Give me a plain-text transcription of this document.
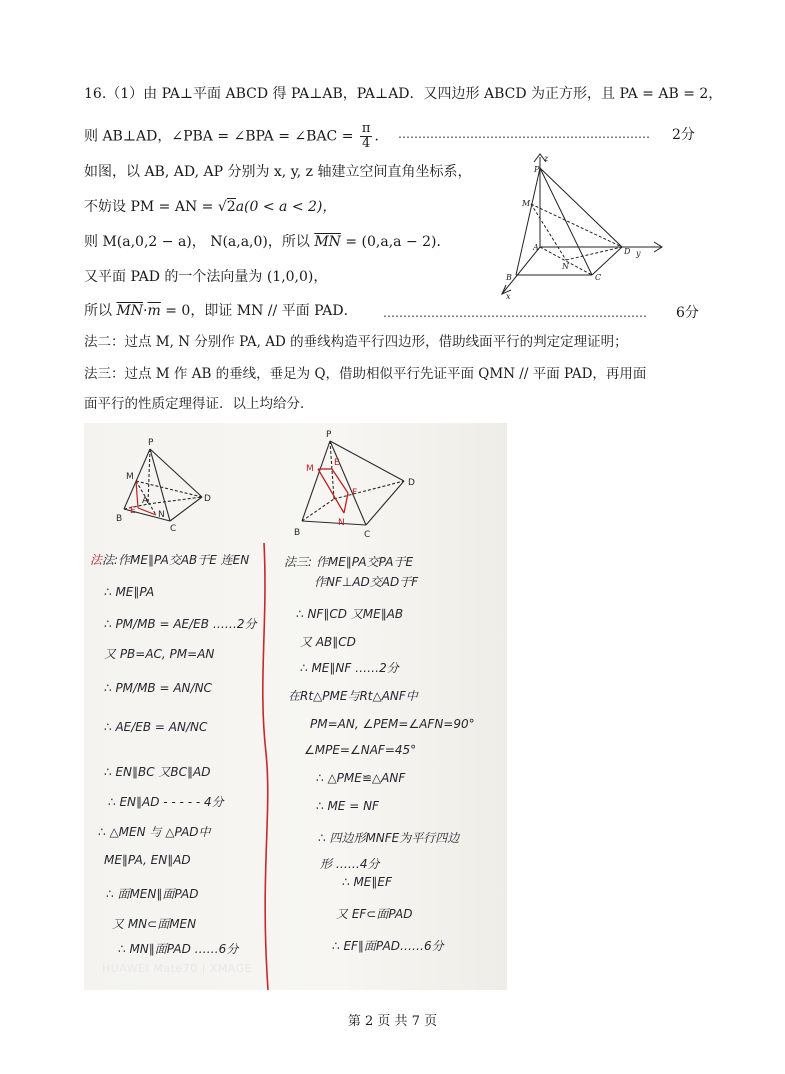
16.（1）由 PA⊥平面 ABCD 得 PA⊥AB，PA⊥AD．又四边形 ABCD 为正方形，且 PA = AB = 2，
则 AB⊥AD，∠PBA = ∠BPA = ∠BAC = $\frac{\pi}{4}$ ． ……………………………………………………… 2分
如图，以 AB, AD, AP 分别为 x, y, z 轴建立空间直角坐标系，
不妨设 PM = AN = √2a(0 < a < 2)，
则 M(a,0,2 − a)， N(a,a,0)，所以 $\overline{MN} = (0,a,a - 2)$．
又平面 PAD 的一个法向量为 (1,0,0)，
所以 $\overline{MN}\cdot\overline{m} = 0$，即证 MN // 平面 PAD． ………………………………………………………… 6分
法二：过点 M, N 分别作 PA, AD 的垂线构造平行四边形，借助线面平行的判定定理证明；
法三：过点 M 作 AB 的垂线，垂足为 Q，借助相似平行先证平面 QMN // 平面 PAD，再用面
面平行的性质定理得证．以上均给分．
z
P
M
A
N
D y
B	C
x
P
M
A
E N
B
C
D
P
M
D
E
F
N
B	C
法法:作ME∥PA交AB于E 连EN
∴ ME∥PA
∴ PM/MB = AE/EB ……2分
又 PB=AC, PM=AN
∴ PM/MB = AN/NC
∴ AE/EB = AN/NC
∴ EN∥BC 又BC∥AD
∴ EN∥AD - - - - - 4分
∴ △MEN 与 △PAD中
ME∥PA, EN∥AD
∴ 面MEN∥面PAD
又 MN⊂面MEN
∴ MN∥面PAD ……6分
法三: 作ME∥PA交PA于E
作NF⊥AD交AD于F
∴ NF∥CD 又ME∥AB
又 AB∥CD
∴ ME∥NF ……2分
在Rt△PME与Rt△ANF中
PM=AN, ∠PEM=∠AFN=90°
∠MPE=∠NAF=45°
∴ △PME≌△ANF
∴ ME = NF
∴ 四边形MNFE为平行四边
形 ……4分
∴ ME∥EF
又 EF⊂面PAD
∴ EF∥面PAD……6分
HUAWEI Mate70 | XMAGE
第 2 页 共 7 页
